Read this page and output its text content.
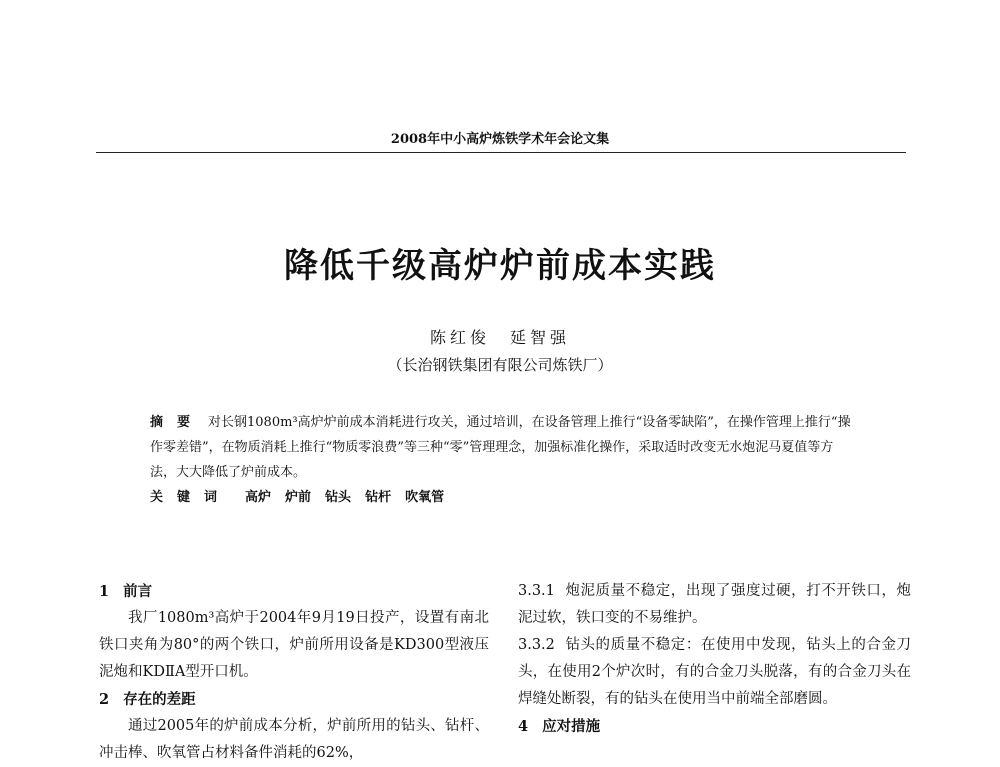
2008年中小高炉炼铁学术年会论文集
降低千级高炉炉前成本实践
陈红俊　延智强
（长治钢铁集团有限公司炼铁厂）
摘要 对长钢1080m³高炉炉前成本消耗进行攻关，通过培训，在设备管理上推行“设备零缺陷”，在操作管理上推行“操作零差错”，在物质消耗上推行“物质零浪费”等三种“零”管理理念，加强标准化操作，采取适时改变无水炮泥马夏值等方法，大大降低了炉前成本。
关键词 高炉 炉前 钻头 钻杆 吹氧管
1 前言

我厂1080m³高炉于2004年9月19日投产，设置有南北铁口夹角为80°的两个铁口，炉前所用设备是KD300型液压泥炮和KDⅡA型开口机。

2 存在的差距

通过2005年的炉前成本分析，炉前所用的钻头、钻杆、冲击棒、吹氧管占材料备件消耗的62%，

3.3.1 炮泥质量不稳定，出现了强度过硬，打不开铁口，炮泥过软，铁口变的不易维护。

3.3.2 钻头的质量不稳定：在使用中发现，钻头上的合金刀头，在使用2个炉次时，有的合金刀头脱落，有的合金刀头在焊缝处断裂，有的钻头在使用当中前端全部磨圆。

4 应对措施
